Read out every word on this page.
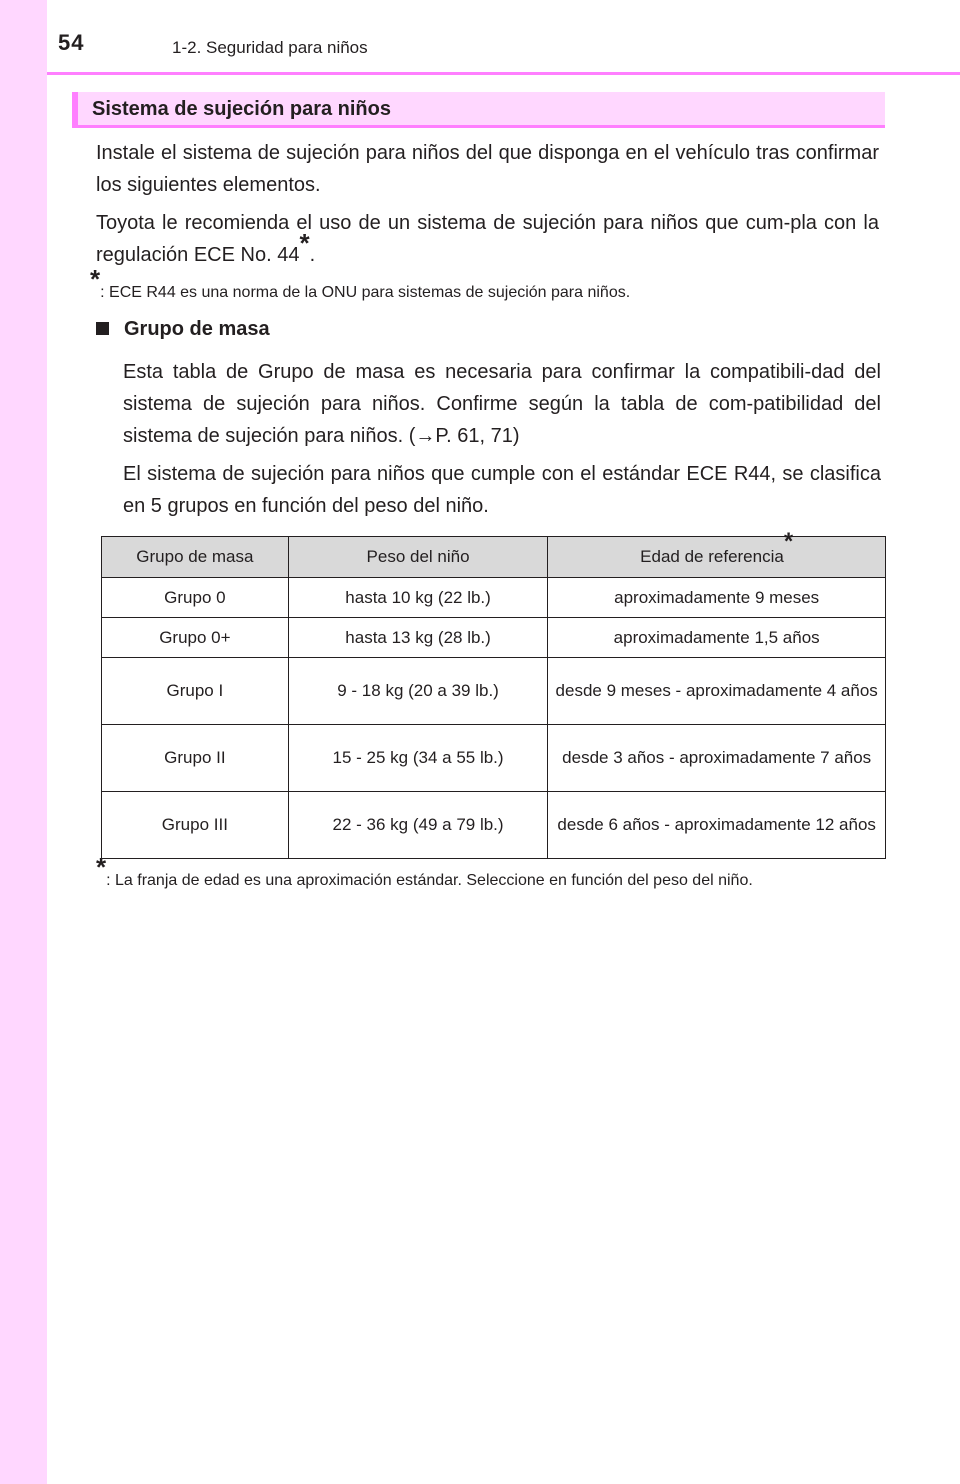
54	1-2. Seguridad para niños
Sistema de sujeción para niños

Instale el sistema de sujeción para niños del que disponga en el vehículo tras confirmar los siguientes elementos.

Toyota le recomienda el uso de un sistema de sujeción para niños que cum-pla con la regulación ECE No. 44*.

*: ECE R44 es una norma de la ONU para sistemas de sujeción para niños.

Grupo de masa

Esta tabla de Grupo de masa es necesaria para confirmar la compatibili-dad del sistema de sujeción para niños. Confirme según la tabla de com-patibilidad del sistema de sujeción para niños. (→P. 61, 71)

El sistema de sujeción para niños que cumple con el estándar ECE R44, se clasifica en 5 grupos en función del peso del niño.

Grupo de masa	Peso del niño	Edad de referencia*
Grupo 0	hasta 10 kg (22 lb.)	aproximadamente 9 meses
Grupo 0+	hasta 13 kg (28 lb.)	aproximadamente 1,5 años
Grupo I	9 - 18 kg (20 a 39 lb.)	desde 9 meses - aproximadamente 4 años
Grupo II	15 - 25 kg (34 a 55 lb.)	desde 3 años - aproximadamente 7 años
Grupo III	22 - 36 kg (49 a 79 lb.)	desde 6 años - aproximadamente 12 años

*: La franja de edad es una aproximación estándar. Seleccione en función del peso del niño.
